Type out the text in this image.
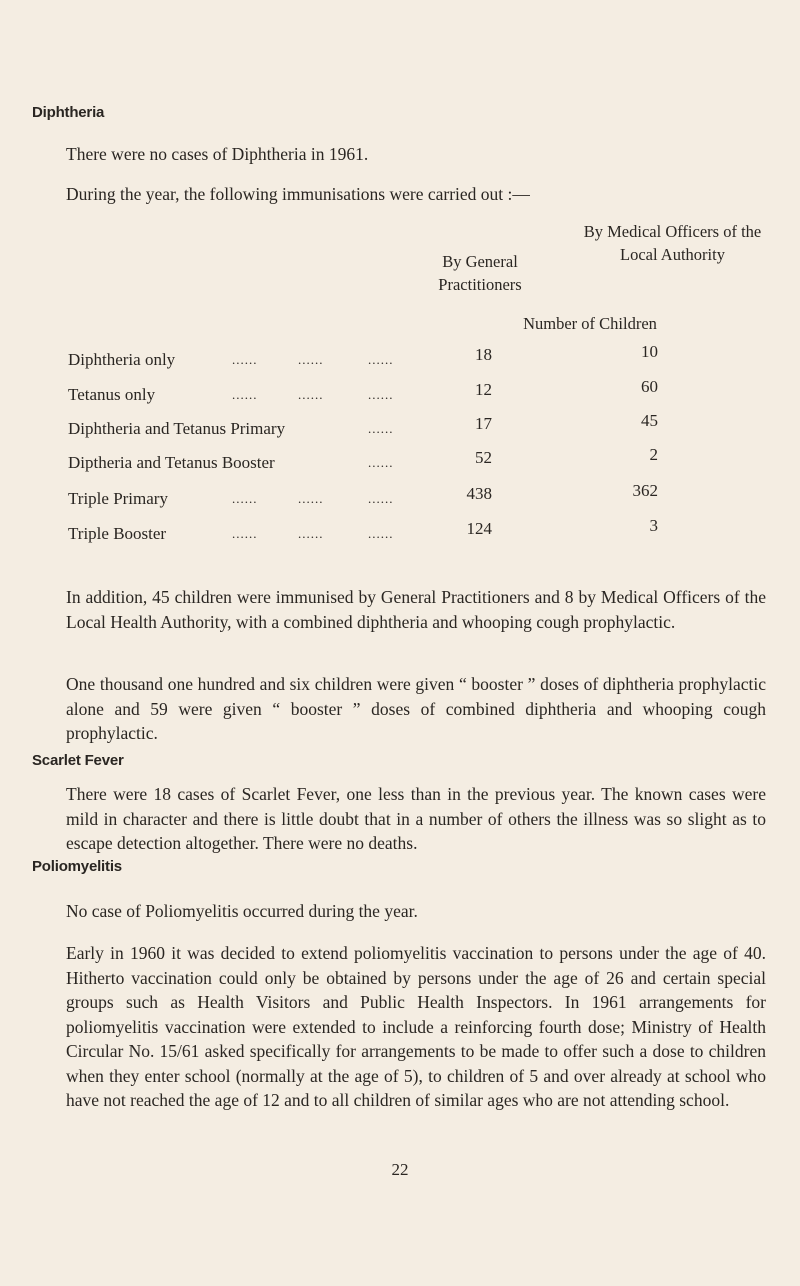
Diphtheria
There were no cases of Diphtheria in 1961.
During the year, the following immunisations were carried out :—
By General Practitioners
By Medical Officers of the Local Authority
Number of Children
Diphtheria only	......	......	......	18	10
Tetanus only	......	......	......	12	60
Diphtheria and Tetanus Primary	......	17	45
Diptheria and Tetanus Booster	......	52	2
Triple Primary	......	......	......	438	362
Triple Booster	......	......	......	124	3
In addition, 45 children were immunised by General Practitioners and 8 by Medical Officers of the Local Health Authority, with a combined diphtheria and whooping cough prophylactic.
One thousand one hundred and six children were given “ booster ” doses of diphtheria prophylactic alone and 59 were given “ booster ” doses of combined diphtheria and whooping cough prophylactic.
Scarlet Fever
There were 18 cases of Scarlet Fever, one less than in the previous year. The known cases were mild in character and there is little doubt that in a number of others the illness was so slight as to escape detection altogether. There were no deaths.
Poliomyelitis
No case of Poliomyelitis occurred during the year.
Early in 1960 it was decided to extend poliomyelitis vaccination to persons under the age of 40. Hitherto vaccination could only be obtained by persons under the age of 26 and certain special groups such as Health Visitors and Public Health Inspectors. In 1961 arrangements for poliomyelitis vaccination were extended to include a reinforcing fourth dose; Ministry of Health Circular No. 15/61 asked specifically for arrangements to be made to offer such a dose to children when they enter school (normally at the age of 5), to children of 5 and over already at school who have not reached the age of 12 and to all children of similar ages who are not attending school.
22
